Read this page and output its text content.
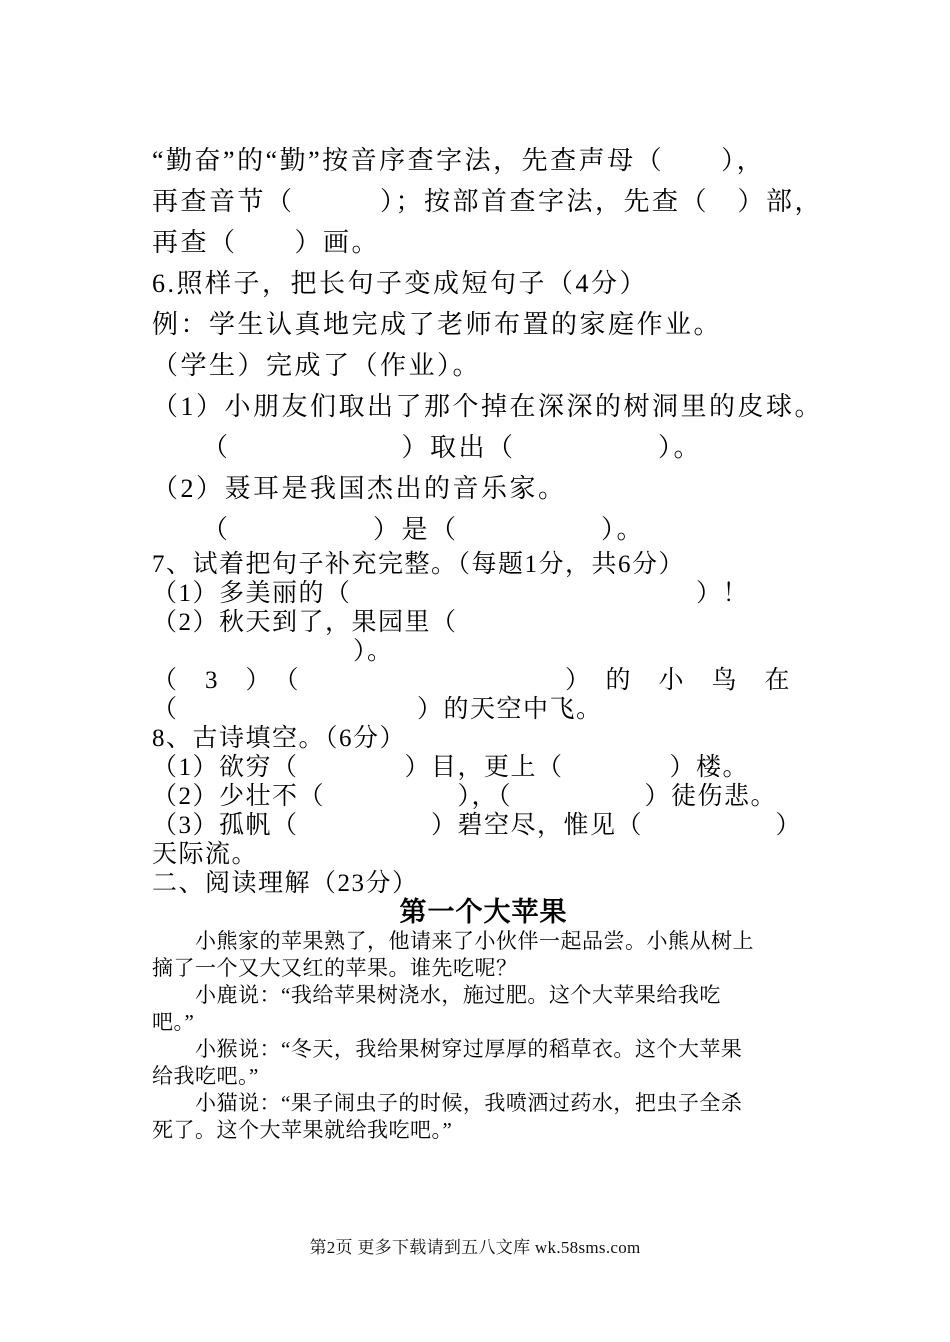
“勤奋”的“勤”按音序查字法，先查声母（　　），
再查音节（　　　）；按部首查字法，先查（　）部，
再查（　　）画。
6.照样子，把长句子变成短句子（4分）
例：学生认真地完成了老师布置的家庭作业。
（学生）完成了（作业）。
（1）小朋友们取出了那个掉在深深的树洞里的皮球。
（　　　　　　）取出（　　　　　）。
（2）聂耳是我国杰出的音乐家。
（　　　　　）是（　　　　　）。
7、试着把句子补充完整。（每题1分，共6分）
（1）多美丽的（　　　　　　　　　　　　　）！
（2）秋天到了，果园里（
　　　　）。
（　3　）　（　　　　　　　　　　）　的　小　鸟　在
（　　　　　　　　　）的天空中飞。
8、古诗填空。（6分）
（1）欲穷（　　　　）目，更上（　　　　）楼。
（2）少壮不（　　　　　），（　　　　　）徒伤悲。
（3）孤帆（　　　　　）碧空尽，惟见（　　　　　）
天际流。
二、阅读理解（23分）
第一个大苹果
　　小熊家的苹果熟了，他请来了小伙伴一起品尝。小熊从树上
摘了一个又大又红的苹果。谁先吃呢？
　　小鹿说：“我给苹果树浇水，施过肥。这个大苹果给我吃
吧。”
　　小猴说：“冬天，我给果树穿过厚厚的稻草衣。这个大苹果
给我吃吧。”
　　小猫说：“果子闹虫子的时候，我喷洒过药水，把虫子全杀
死了。这个大苹果就给我吃吧。”
第2页 更多下载请到五八文库 wk.58sms.com
